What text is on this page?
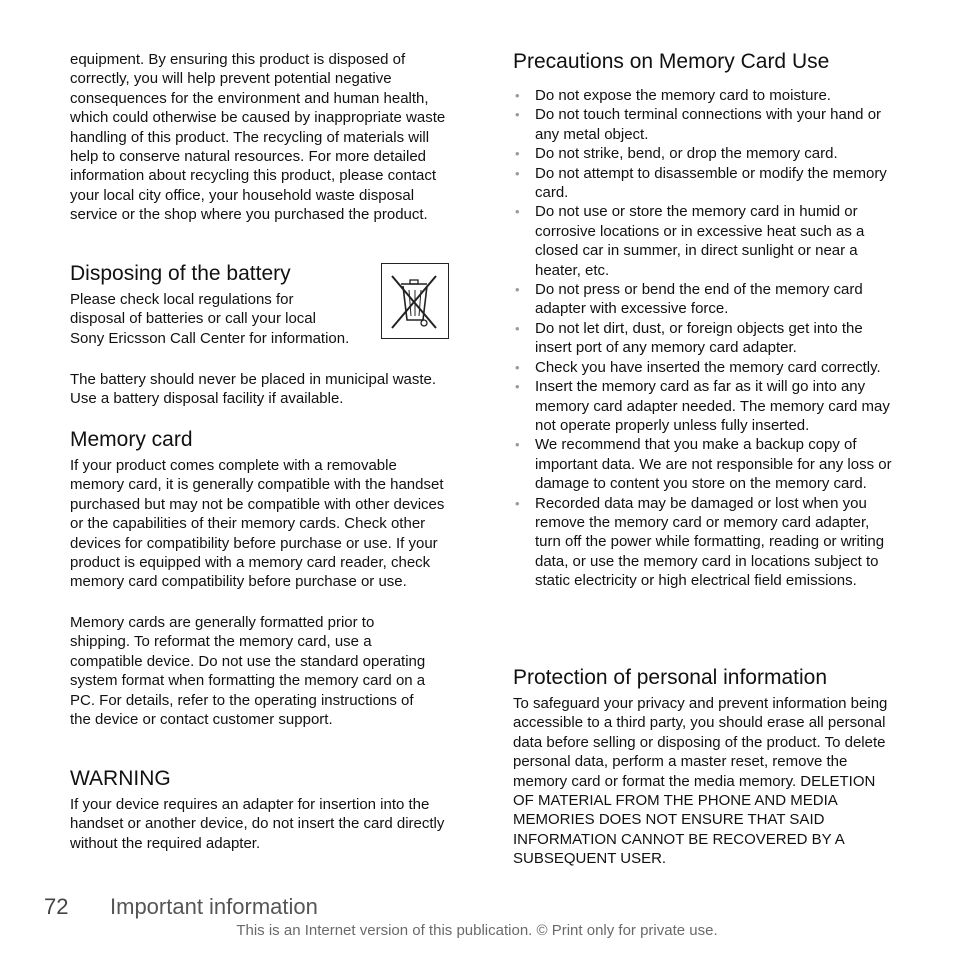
equipment. By ensuring this product is disposed of correctly, you will help prevent potential negative consequences for the environment and human health, which could otherwise be caused by inappropriate waste handling of this product. The recycling of materials will help to conserve natural resources. For more detailed information about recycling this product, please contact your local city office, your household waste disposal service or the shop where you purchased the product.

Disposing of the battery

Please check local regulations for disposal of batteries or call your local Sony Ericsson Call Center for information.

The battery should never be placed in municipal waste. Use a battery disposal facility if available.

Memory card

If your product comes complete with a removable memory card, it is generally compatible with the handset purchased but may not be compatible with other devices or the capabilities of their memory cards. Check other devices for compatibility before purchase or use. If your product is equipped with a memory card reader, check memory card compatibility before purchase or use.

Memory cards are generally formatted prior to shipping. To reformat the memory card, use a compatible device. Do not use the standard operating system format when formatting the memory card on a PC. For details, refer to the operating instructions of the device or contact customer support.

WARNING

If your device requires an adapter for insertion into the handset or another device, do not insert the card directly without the required adapter.

Precautions on Memory Card Use
• Do not expose the memory card to moisture.
• Do not touch terminal connections with your hand or any metal object.
• Do not strike, bend, or drop the memory card.
• Do not attempt to disassemble or modify the memory card.
• Do not use or store the memory card in humid or corrosive locations or in excessive heat such as a closed car in summer, in direct sunlight or near a heater, etc.
• Do not press or bend the end of the memory card adapter with excessive force.
• Do not let dirt, dust, or foreign objects get into the insert port of any memory card adapter.
• Check you have inserted the memory card correctly.
• Insert the memory card as far as it will go into any memory card adapter needed. The memory card may not operate properly unless fully inserted.
• We recommend that you make a backup copy of important data. We are not responsible for any loss or damage to content you store on the memory card.
• Recorded data may be damaged or lost when you remove the memory card or memory card adapter, turn off the power while formatting, reading or writing data, or use the memory card in locations subject to static electricity or high electrical field emissions.
Protection of personal information

To safeguard your privacy and prevent information being accessible to a third party, you should erase all personal data before selling or disposing of the product. To delete personal data, perform a master reset, remove the memory card or format the media memory. DELETION OF MATERIAL FROM THE PHONE AND MEDIA MEMORIES DOES NOT ENSURE THAT SAID INFORMATION CANNOT BE RECOVERED BY A SUBSEQUENT USER.

72 Important information
This is an Internet version of this publication. © Print only for private use.
